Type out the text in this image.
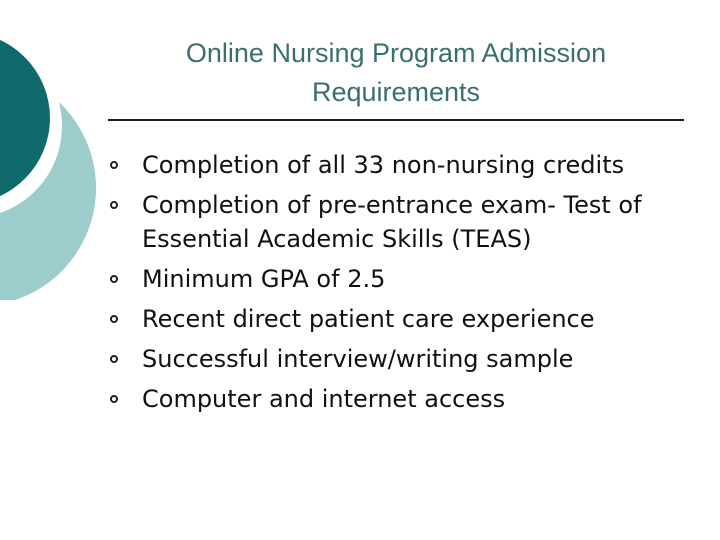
Online Nursing Program Admission Requirements
Completion of all 33 non-nursing credits
Completion of pre-entrance exam- Test of Essential Academic Skills (TEAS)
Minimum GPA of 2.5
Recent direct patient care experience
Successful interview/writing sample
Computer and internet access
